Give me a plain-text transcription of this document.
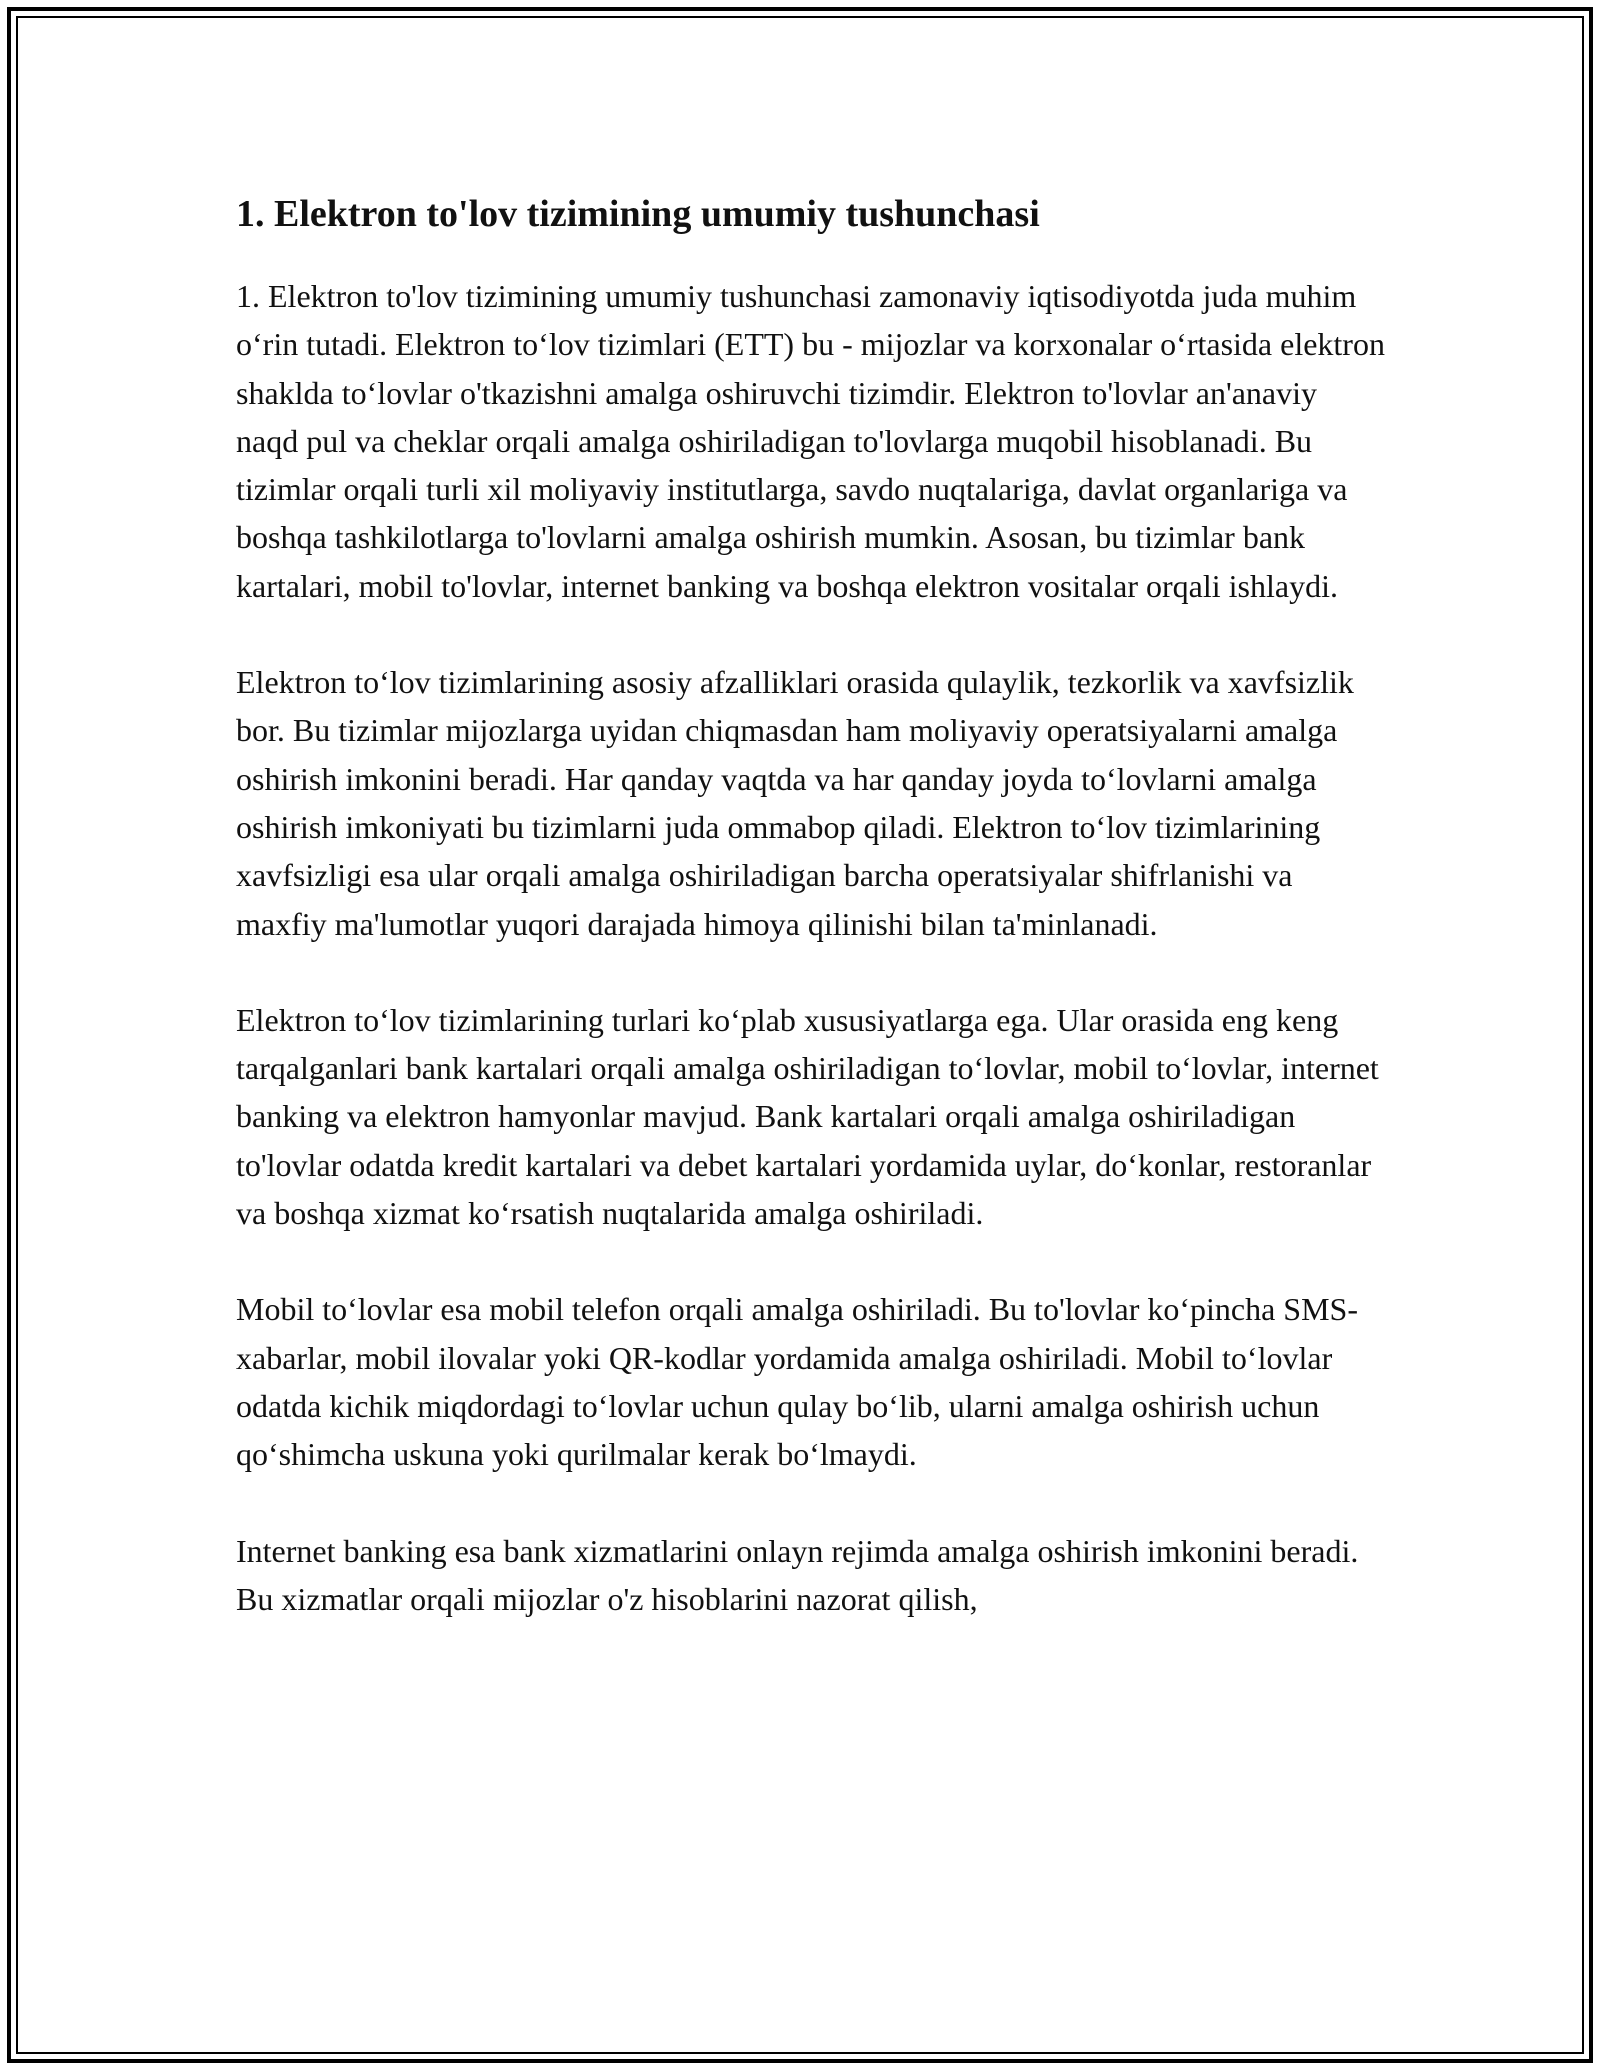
1. Elektron to'lov tizimining umumiy tushunchasi

1. Elektron to'lov tizimining umumiy tushunchasi zamonaviy iqtisodiyotda juda muhim oʻrin tutadi. Elektron toʻlov tizimlari (ETT) bu - mijozlar va korxonalar oʻrtasida elektron shaklda toʻlovlar o'tkazishni amalga oshiruvchi tizimdir. Elektron to'lovlar an'anaviy naqd pul va cheklar orqali amalga oshiriladigan to'lovlarga muqobil hisoblanadi. Bu tizimlar orqali turli xil moliyaviy institutlarga, savdo nuqtalariga, davlat organlariga va boshqa tashkilotlarga to'lovlarni amalga oshirish mumkin. Asosan, bu tizimlar bank kartalari, mobil to'lovlar, internet banking va boshqa elektron vositalar orqali ishlaydi.

Elektron toʻlov tizimlarining asosiy afzalliklari orasida qulaylik, tezkorlik va xavfsizlik bor. Bu tizimlar mijozlarga uyidan chiqmasdan ham moliyaviy operatsiyalarni amalga oshirish imkonini beradi. Har qanday vaqtda va har qanday joyda toʻlovlarni amalga oshirish imkoniyati bu tizimlarni juda ommabop qiladi. Elektron toʻlov tizimlarining xavfsizligi esa ular orqali amalga oshiriladigan barcha operatsiyalar shifrlanishi va maxfiy ma'lumotlar yuqori darajada himoya qilinishi bilan ta'minlanadi.

Elektron toʻlov tizimlarining turlari koʻplab xususiyatlarga ega. Ular orasida eng keng tarqalganlari bank kartalari orqali amalga oshiriladigan toʻlovlar, mobil toʻlovlar, internet banking va elektron hamyonlar mavjud. Bank kartalari orqali amalga oshiriladigan to'lovlar odatda kredit kartalari va debet kartalari yordamida uylar, doʻkonlar, restoranlar va boshqa xizmat koʻrsatish nuqtalarida amalga oshiriladi.

Mobil toʻlovlar esa mobil telefon orqali amalga oshiriladi. Bu to'lovlar koʻpincha SMS-xabarlar, mobil ilovalar yoki QR-kodlar yordamida amalga oshiriladi. Mobil toʻlovlar odatda kichik miqdordagi toʻlovlar uchun qulay boʻlib, ularni amalga oshirish uchun qoʻshimcha uskuna yoki qurilmalar kerak boʻlmaydi.

Internet banking esa bank xizmatlarini onlayn rejimda amalga oshirish imkonini beradi. Bu xizmatlar orqali mijozlar o'z hisoblarini nazorat qilish,
